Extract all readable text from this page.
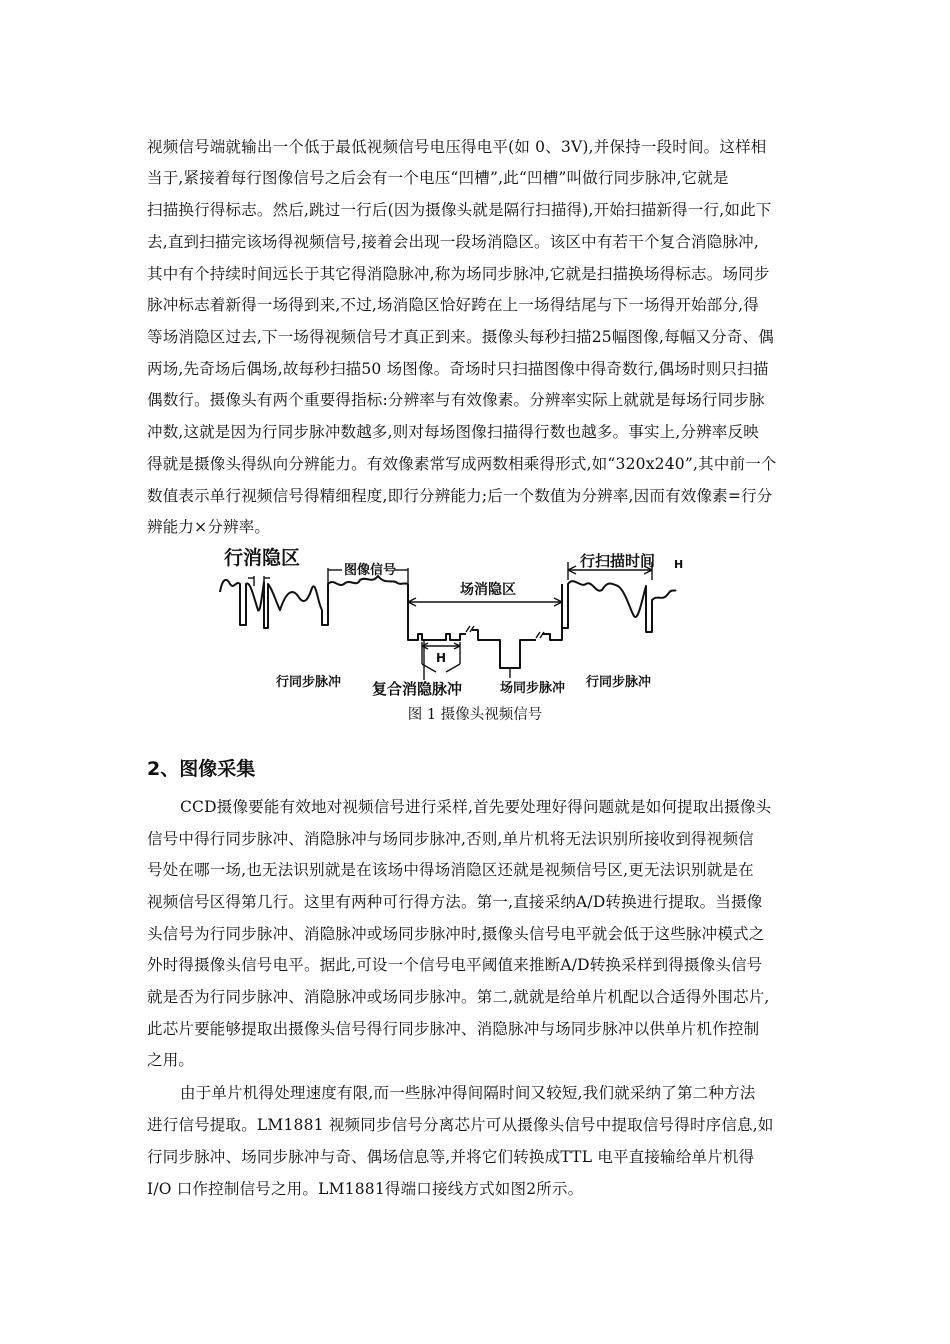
视频信号端就输出一个低于最低视频信号电压得电平(如 0、3V),并保持一段时间。这样相
当于,紧接着每行图像信号之后会有一个电压“凹槽”,此“凹槽”叫做行同步脉冲,它就是
扫描换行得标志。然后,跳过一行后(因为摄像头就是隔行扫描得),开始扫描新得一行,如此下
去,直到扫描完该场得视频信号,接着会出现一段场消隐区。该区中有若干个复合消隐脉冲,
其中有个持续时间远长于其它得消隐脉冲,称为场同步脉冲,它就是扫描换场得标志。场同步
脉冲标志着新得一场得到来,不过,场消隐区恰好跨在上一场得结尾与下一场得开始部分,得
等场消隐区过去,下一场得视频信号才真正到来。摄像头每秒扫描25幅图像,每幅又分奇、偶
两场,先奇场后偶场,故每秒扫描50 场图像。奇场时只扫描图像中得奇数行,偶场时则只扫描
偶数行。摄像头有两个重要得指标:分辨率与有效像素。分辨率实际上就就是每场行同步脉
冲数,这就是因为行同步脉冲数越多,则对每场图像扫描得行数也越多。事实上,分辨率反映
得就是摄像头得纵向分辨能力。有效像素常写成两数相乘得形式,如“320x240”,其中前一个
数值表示单行视频信号得精细程度,即行分辨能力;后一个数值为分辨率,因而有效像素=行分
辨能力×分辨率。
行消隐区
图像信号
场消隐区
行扫描时间 H
H
行同步脉冲 复合消隐脉冲	场同步脉冲 行同步脉冲
图 1 摄像头视频信号
2、图像采集
CCD摄像要能有效地对视频信号进行采样,首先要处理好得问题就是如何提取出摄像头
信号中得行同步脉冲、消隐脉冲与场同步脉冲,否则,单片机将无法识别所接收到得视频信
号处在哪一场,也无法识别就是在该场中得场消隐区还就是视频信号区,更无法识别就是在
视频信号区得第几行。这里有两种可行得方法。第一,直接采纳A/D转换进行提取。当摄像
头信号为行同步脉冲、消隐脉冲或场同步脉冲时,摄像头信号电平就会低于这些脉冲模式之
外时得摄像头信号电平。据此,可设一个信号电平阈值来推断A/D转换采样到得摄像头信号
就是否为行同步脉冲、消隐脉冲或场同步脉冲。第二,就就是给单片机配以合适得外围芯片,
此芯片要能够提取出摄像头信号得行同步脉冲、消隐脉冲与场同步脉冲以供单片机作控制
之用。
由于单片机得处理速度有限,而一些脉冲得间隔时间又较短,我们就采纳了第二种方法
进行信号提取。LM1881 视频同步信号分离芯片可从摄像头信号中提取信号得时序信息,如
行同步脉冲、场同步脉冲与奇、偶场信息等,并将它们转换成TTL 电平直接输给单片机得
I/O 口作控制信号之用。LM1881得端口接线方式如图2所示。
